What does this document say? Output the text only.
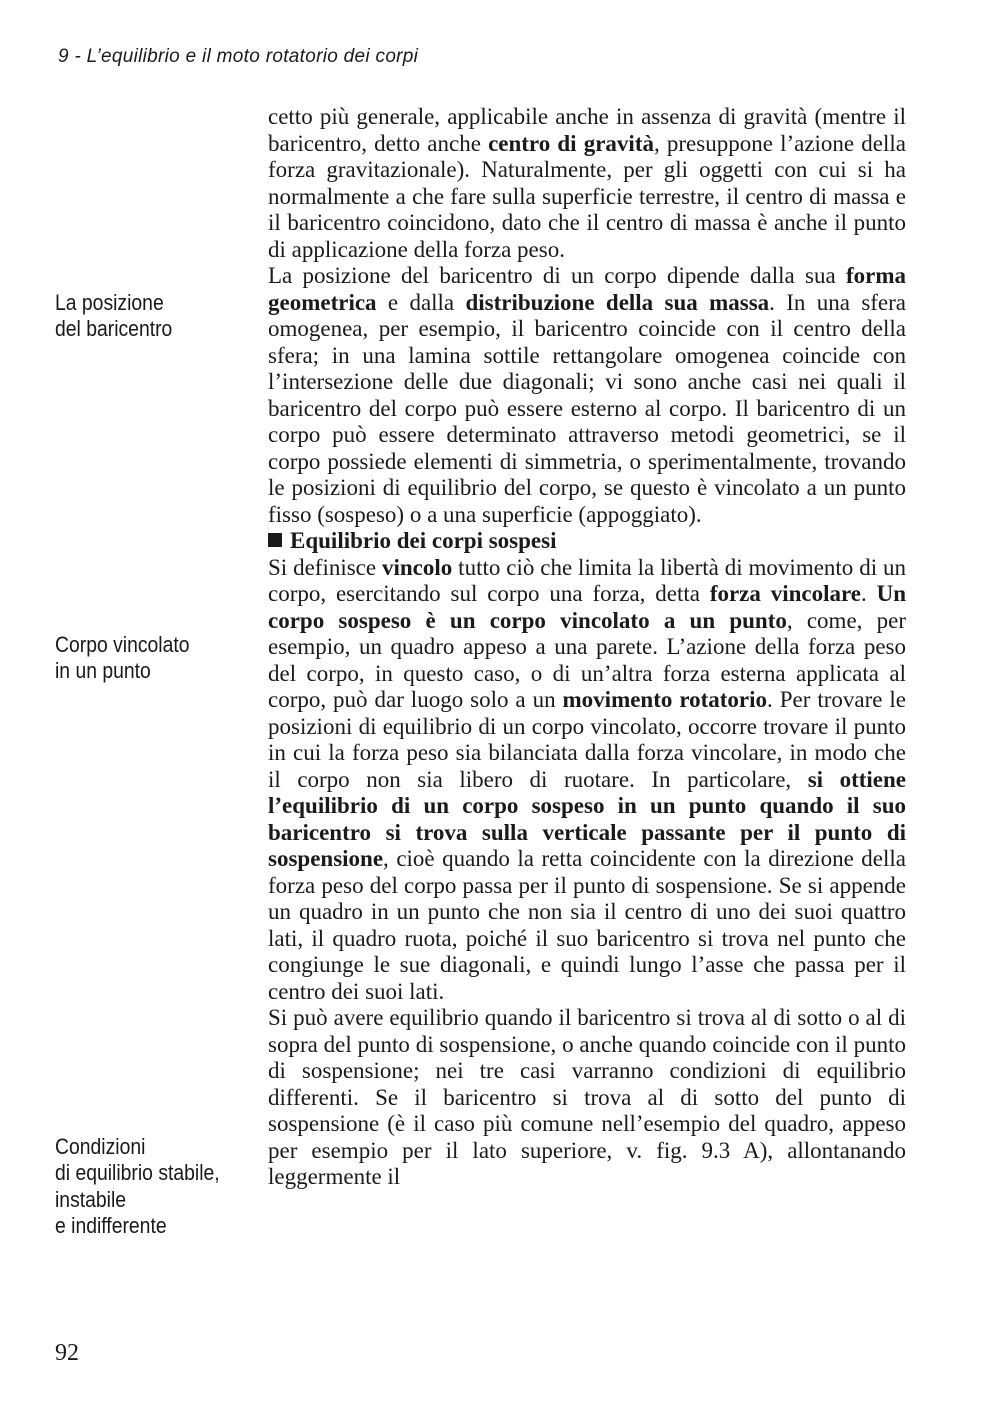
9 - L’equilibrio e il moto rotatorio dei corpi
La posizione
del baricentro
Corpo vincolato
in un punto
Condizioni
di equilibrio stabile,
instabile
e indifferente

cetto più generale, applicabile anche in assenza di gravità (mentre il baricentro, detto anche centro di gravità, presuppone l’azione della forza gravitazionale). Naturalmente, per gli oggetti con cui si ha normalmente a che fare sulla superficie terrestre, il centro di massa e il baricentro coincidono, dato che il centro di massa è anche il punto di applicazione della forza peso.

La posizione del baricentro di un corpo dipende dalla sua forma geometrica e dalla distribuzione della sua massa. In una sfera omogenea, per esempio, il baricentro coincide con il centro della sfera; in una lamina sottile rettangolare omogenea coincide con l’intersezione delle due diagonali; vi sono anche casi nei quali il baricentro del corpo può essere esterno al corpo. Il baricentro di un corpo può essere determinato attraverso metodi geometrici, se il corpo possiede elementi di simmetria, o sperimentalmente, trovando le posizioni di equilibrio del corpo, se questo è vincolato a un punto fisso (sospeso) o a una superficie (appoggiato).

Equilibrio dei corpi sospesi

Si definisce vincolo tutto ciò che limita la libertà di movimento di un corpo, esercitando sul corpo una forza, detta forza vincolare. Un corpo sospeso è un corpo vincolato a un punto, come, per esempio, un quadro appeso a una parete. L’azione della forza peso del corpo, in questo caso, o di un’altra forza esterna applicata al corpo, può dar luogo solo a un movimento rotatorio. Per trovare le posizioni di equilibrio di un corpo vincolato, occorre trovare il punto in cui la forza peso sia bilanciata dalla forza vincolare, in modo che il corpo non sia libero di ruotare. In particolare, si ottiene l’equilibrio di un corpo sospeso in un punto quando il suo baricentro si trova sulla verticale passante per il punto di sospensione, cioè quando la retta coincidente con la direzione della forza peso del corpo passa per il punto di sospensione. Se si appende un quadro in un punto che non sia il centro di uno dei suoi quattro lati, il quadro ruota, poiché il suo baricentro si trova nel punto che congiunge le sue diagonali, e quindi lungo l’asse che passa per il centro dei suoi lati.

Si può avere equilibrio quando il baricentro si trova al di sotto o al di sopra del punto di sospensione, o anche quando coincide con il punto di sospensione; nei tre casi varranno condizioni di equilibrio differenti. Se il baricentro si trova al di sotto del punto di sospensione (è il caso più comune nell’esempio del quadro, appeso per esempio per il lato superiore, v. fig. 9.3 A), allontanando leggermente il

92
